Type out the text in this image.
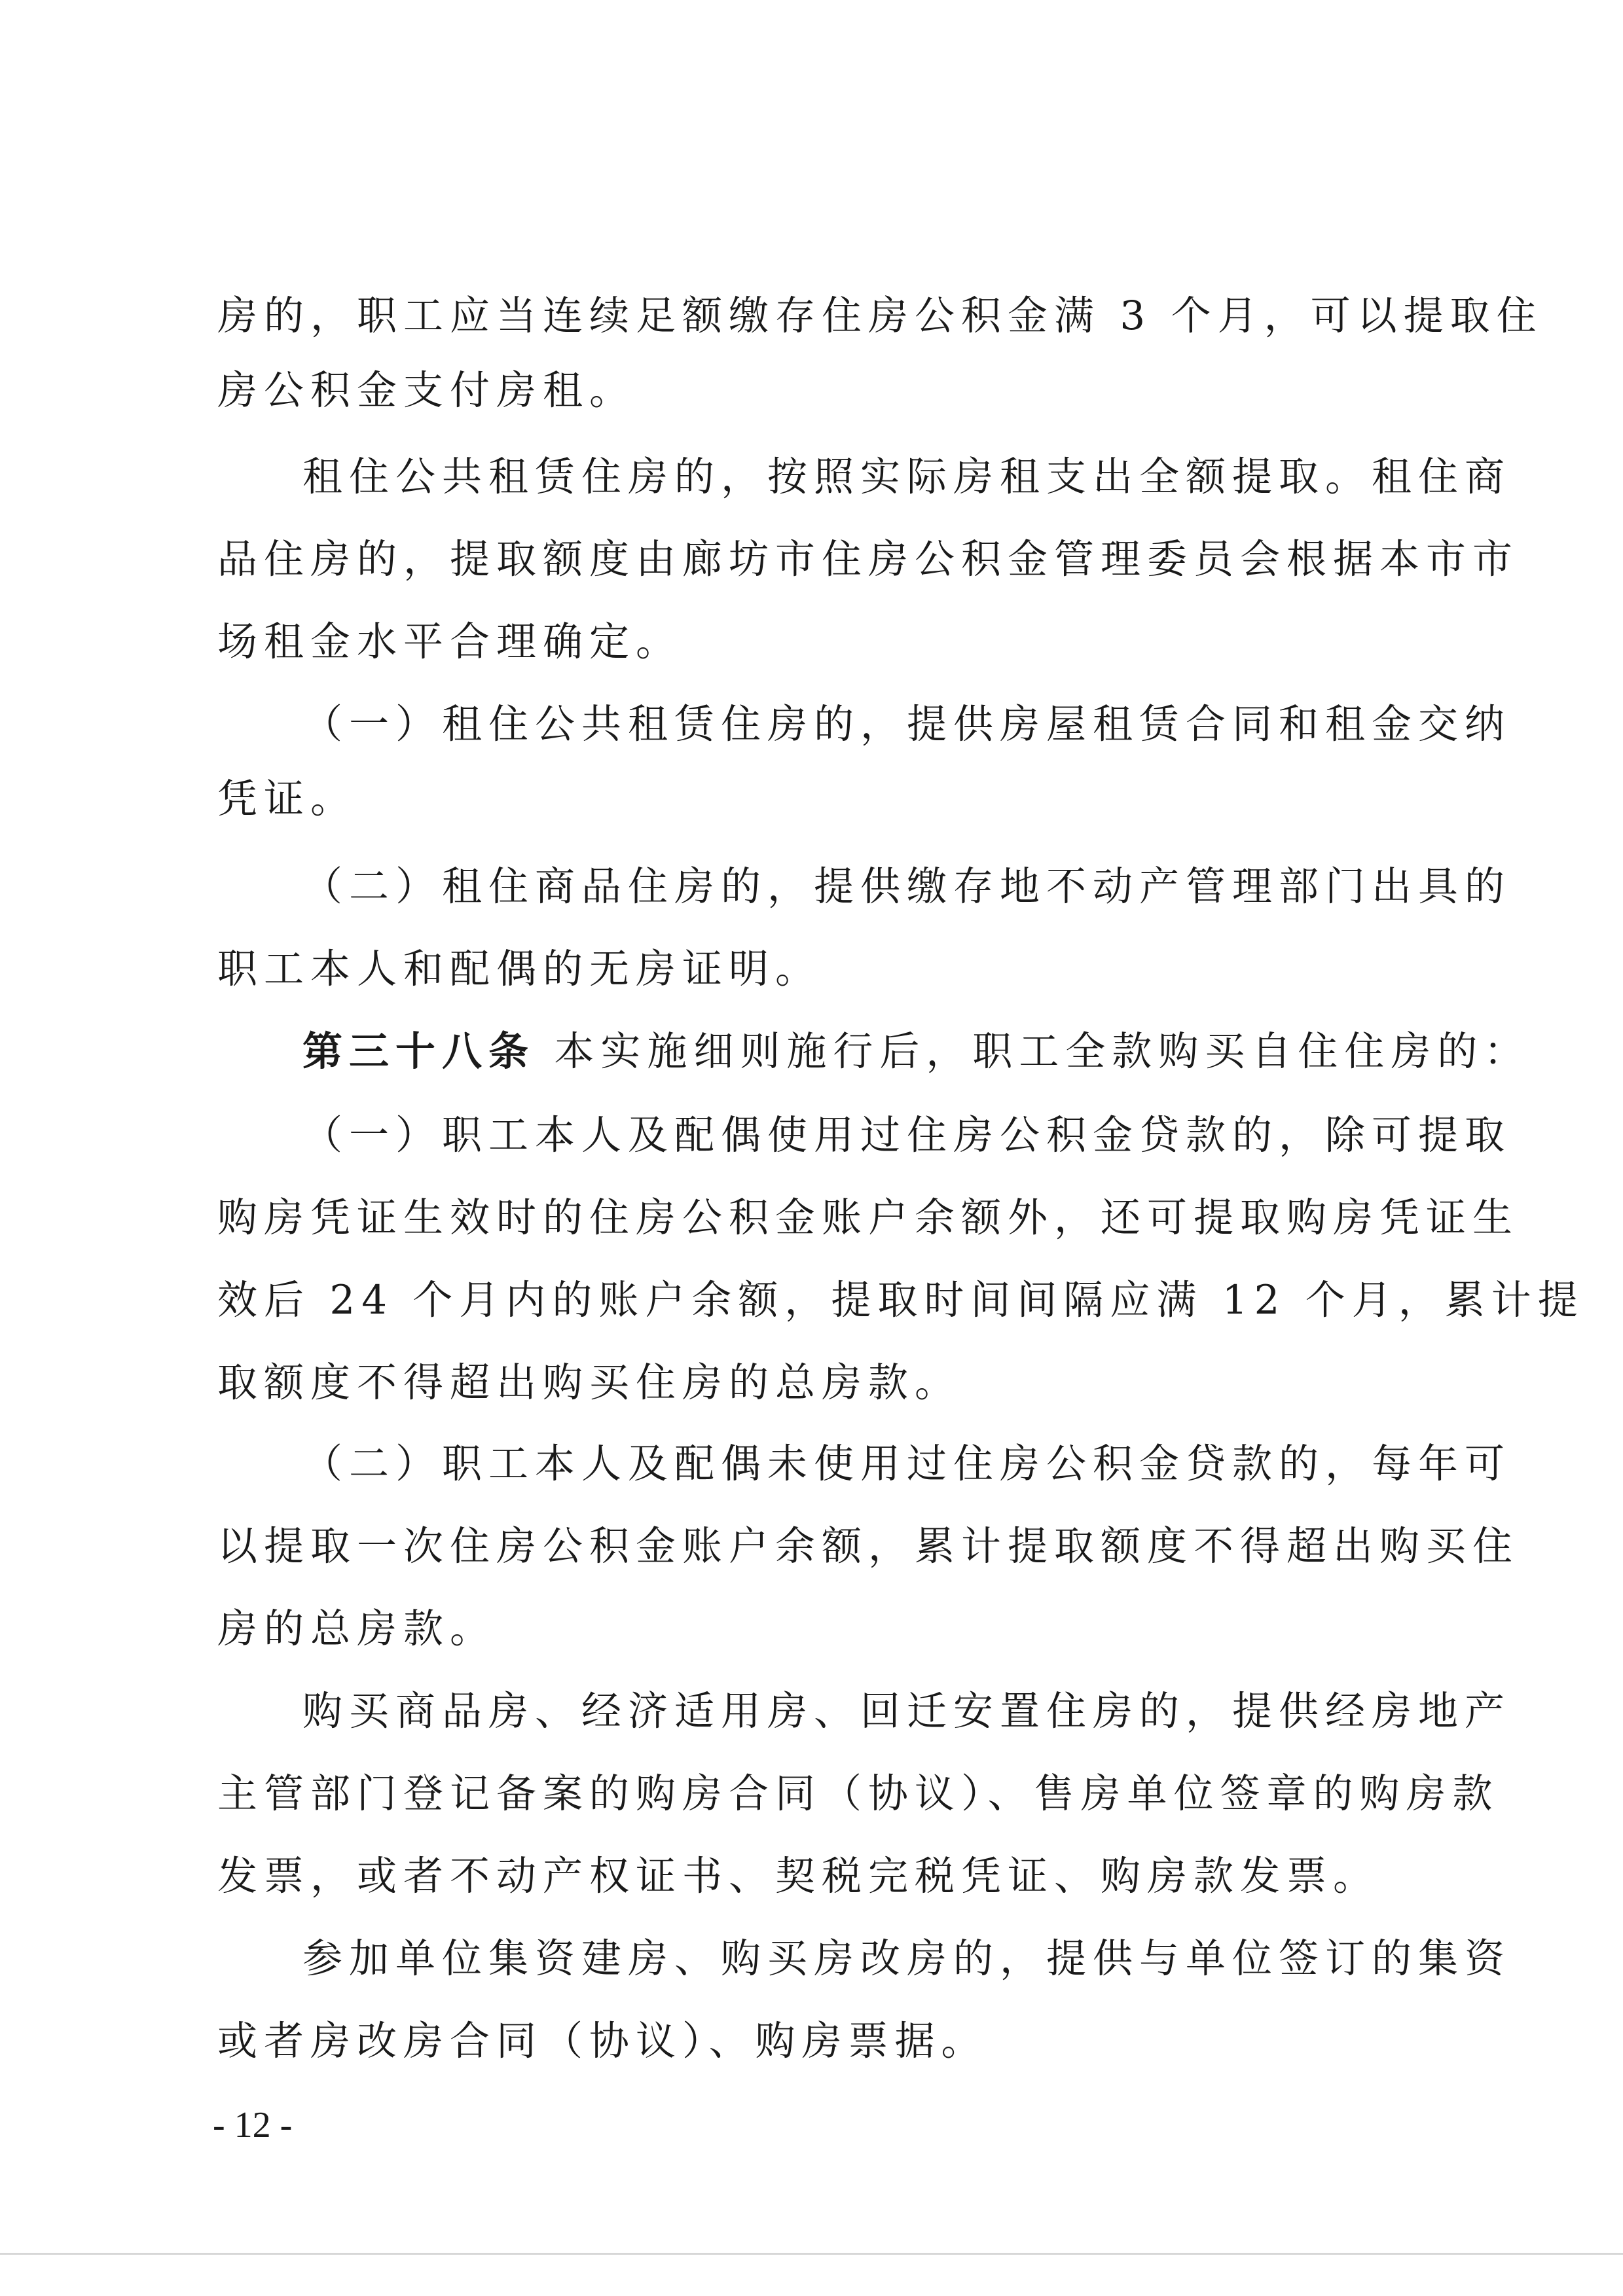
房的，职工应当连续足额缴存住房公积金满 3 个月，可以提取住
房公积金支付房租。
租住公共租赁住房的，按照实际房租支出全额提取。租住商
品住房的，提取额度由廊坊市住房公积金管理委员会根据本市市
场租金水平合理确定。
（一）租住公共租赁住房的，提供房屋租赁合同和租金交纳
凭证。
（二）租住商品住房的，提供缴存地不动产管理部门出具的
职工本人和配偶的无房证明。
第三十八条 本实施细则施行后，职工全款购买自住住房的：
（一）职工本人及配偶使用过住房公积金贷款的，除可提取
购房凭证生效时的住房公积金账户余额外，还可提取购房凭证生
效后 24 个月内的账户余额，提取时间间隔应满 12 个月，累计提
取额度不得超出购买住房的总房款。
（二）职工本人及配偶未使用过住房公积金贷款的，每年可
以提取一次住房公积金账户余额，累计提取额度不得超出购买住
房的总房款。
购买商品房、经济适用房、回迁安置住房的，提供经房地产
主管部门登记备案的购房合同（协议）、售房单位签章的购房款
发票，或者不动产权证书、契税完税凭证、购房款发票。
参加单位集资建房、购买房改房的，提供与单位签订的集资
或者房改房合同（协议）、购房票据。
- 12 -
